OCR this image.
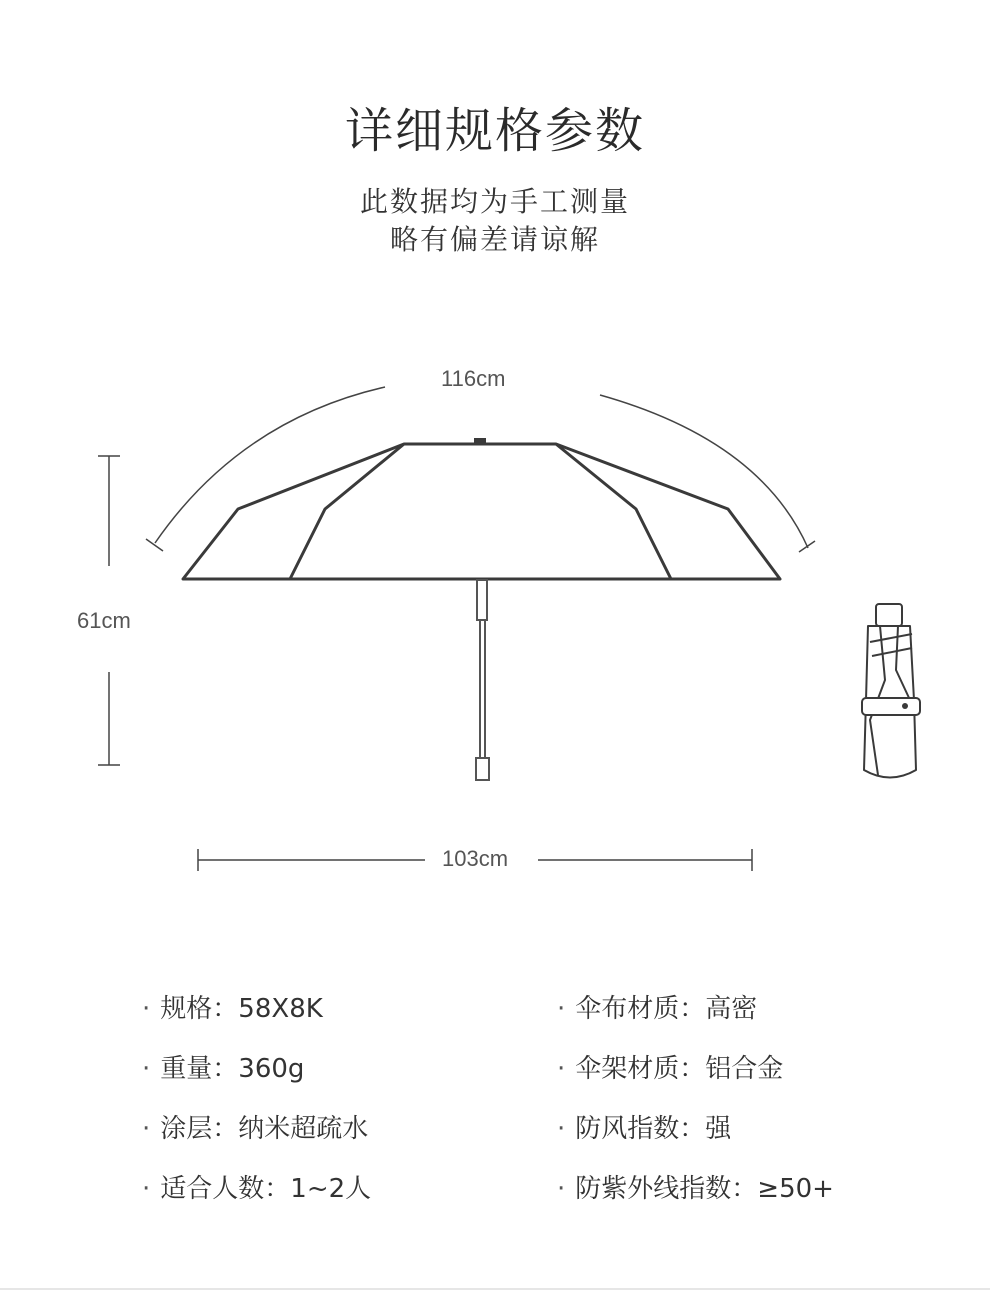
详细规格参数
此数据均为手工测量
略有偏差请谅解
116cm
61cm
103cm
· 规格：58X8K
· 重量：360g
· 涂层：纳米超疏水
· 适合人数：1~2人
· 伞布材质：高密
· 伞架材质：铝合金
· 防风指数：强
· 防紫外线指数：≥50+
